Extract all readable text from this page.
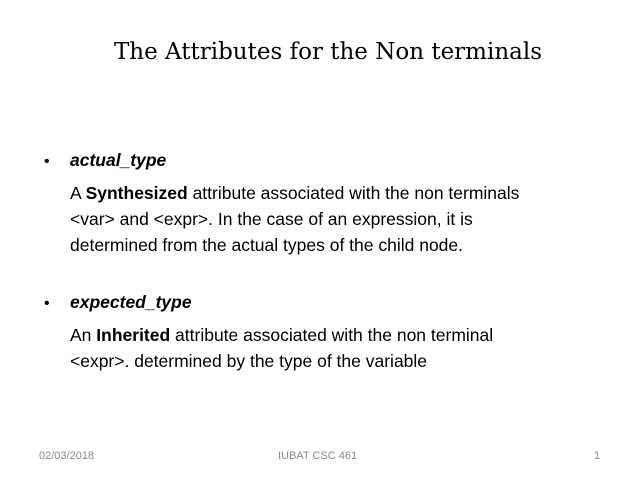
The Attributes for the Non terminals
•	actual_type
A Synthesized attribute associated with the non terminals
<var> and <expr>. In the case of an expression, it is
determined from the actual types of the child node.
•	expected_type
An Inherited attribute associated with the non terminal
<expr>. determined by the type of the variable
02/03/2018	IUBAT CSC 461	1
